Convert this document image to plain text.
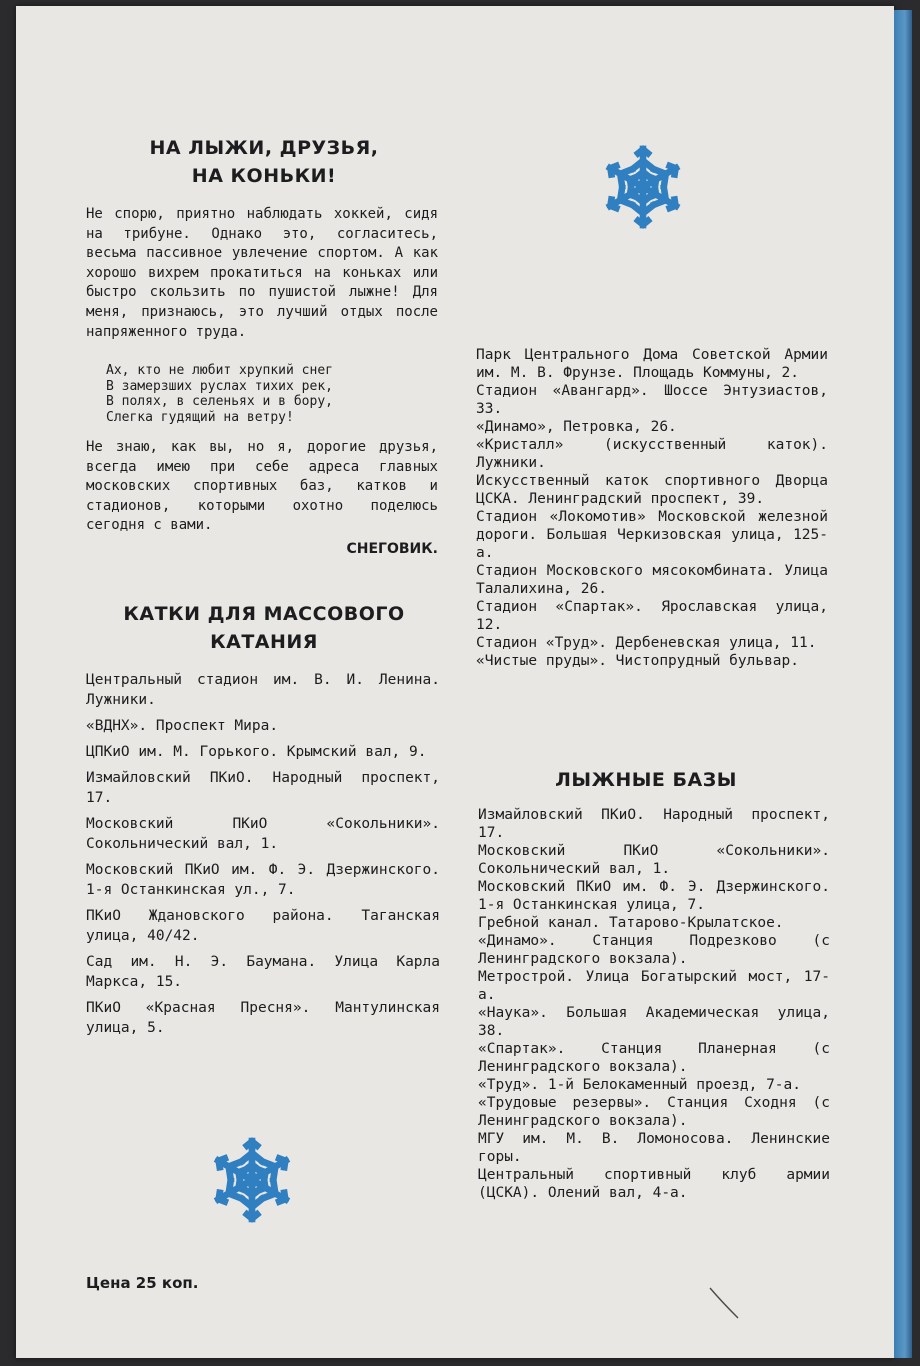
НА ЛЫЖИ, ДРУЗЬЯ,

НА КОНЬКИ!

Не спорю, приятно наблюдать хоккей, сидя на трибуне. Однако это, согласитесь, весьма пассивное увлечение спортом. А как хорошо вихрем прокатиться на коньках или быстро скользить по пушистой лыжне! Для меня, признаюсь, это лучший отдых после напряженного труда.

Ах, кто не любит хрупкий снег

В замерзших руслах тихих рек,

В полях, в селеньях и в бору,

Слегка гудящий на ветру!

Не знаю, как вы, но я, дорогие друзья, всегда имею при себе адреса главных московских спортивных баз, катков и стадионов, которыми охотно поделюсь сегодня с вами.

СНЕГОВИК.

КАТКИ ДЛЯ МАССОВОГО

КАТАНИЯ

Центральный стадион им. В. И. Ленина. Лужники.

«ВДНХ». Проспект Мира.

ЦПКиО им. М. Горького. Крымский вал, 9.

Измайловский ПКиО. Народный проспект, 17.

Московский ПКиО «Сокольники». Сокольнический вал, 1.

Московский ПКиО им. Ф. Э. Дзержинского. 1-я Останкинская ул., 7.

ПКиО Ждановского района. Таганская улица, 40/42.

Сад им. Н. Э. Баумана. Улица Карла Маркса, 15.

ПКиО «Красная Пресня». Мантулинская улица, 5.

Цена 25 коп.

Парк Центрального Дома Советской Армии им. М. В. Фрунзе. Площадь Коммуны, 2.

Стадион «Авангард». Шоссе Энтузиастов, 33.

«Динамо», Петровка, 26.

«Кристалл» (искусственный каток). Лужники.

Искусственный каток спортивного Дворца ЦСКА. Ленинградский проспект, 39.

Стадион «Локомотив» Московской железной дороги. Большая Черкизовская улица, 125-а.

Стадион Московского мясокомбината. Улица Талалихина, 26.

Стадион «Спартак». Ярославская улица, 12.

Стадион «Труд». Дербеневская улица, 11.

«Чистые пруды». Чистопрудный бульвар.

ЛЫЖНЫЕ БАЗЫ

Измайловский ПКиО. Народный проспект, 17.

Московский ПКиО «Сокольники». Сокольнический вал, 1.

Московский ПКиО им. Ф. Э. Дзержинского. 1-я Останкинская улица, 7.

Гребной канал. Татарово-Крылатское.

«Динамо». Станция Подрезково (с Ленинградского вокзала).

Метрострой. Улица Богатырский мост, 17-а.

«Наука». Большая Академическая улица, 38.

«Спартак». Станция Планерная (с Ленинградского вокзала).

«Труд». 1-й Белокаменный проезд, 7-а.

«Трудовые резервы». Станция Сходня (с Ленинградского вокзала).

МГУ им. М. В. Ломоносова. Ленинские горы.

Центральный спортивный клуб армии (ЦСКА). Олений вал, 4-а.
